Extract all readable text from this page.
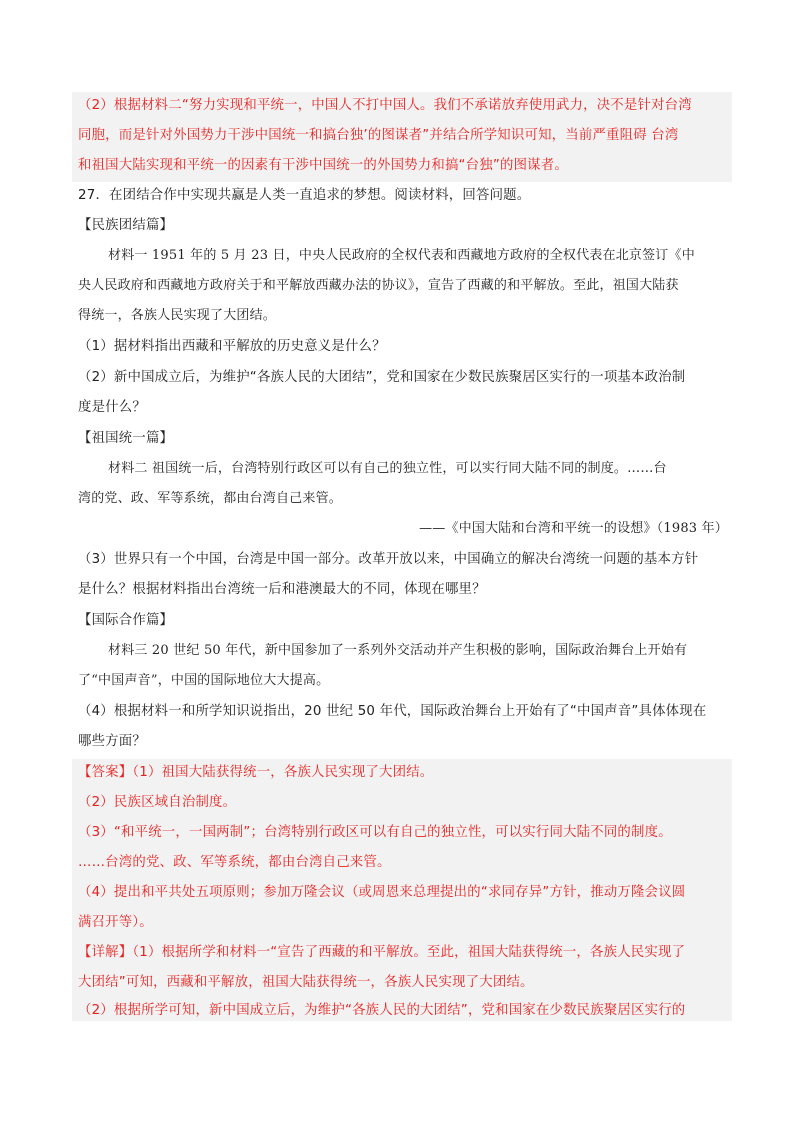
（2）根据材料二“努力实现和平统一，中国人不打中国人。我们不承诺放弃使用武力，决不是针对台湾
同胞，而是针对外国势力干涉中国统一和搞台独’的图谋者”并结合所学知识可知，当前严重阻碍 台湾
和祖国大陆实现和平统一的因素有干涉中国统一的外国势力和搞“台独”的图谋者。
27．在团结合作中实现共赢是人类一直追求的梦想。阅读材料，回答问题。
【民族团结篇】
材料一 1951 年的 5 月 23 日，中央人民政府的全权代表和西藏地方政府的全权代表在北京签订《中
央人民政府和西藏地方政府关于和平解放西藏办法的协议》，宣告了西藏的和平解放。至此，祖国大陆获
得统一，各族人民实现了大团结。
（1）据材料指出西藏和平解放的历史意义是什么？
（2）新中国成立后，为维护“各族人民的大团结”，党和国家在少数民族聚居区实行的一项基本政治制
度是什么？
【祖国统一篇】
材料二 祖国统一后，台湾特别行政区可以有自己的独立性，可以实行同大陆不同的制度。……台
湾的党、政、军等系统，都由台湾自己来管。
——《中国大陆和台湾和平统一的设想》（1983 年）
（3）世界只有一个中国，台湾是中国一部分。改革开放以来，中国确立的解决台湾统一问题的基本方针
是什么？根据材料指出台湾统一后和港澳最大的不同，体现在哪里？
【国际合作篇】
材料三 20 世纪 50 年代，新中国参加了一系列外交活动并产生积极的影响，国际政治舞台上开始有
了“中国声音”，中国的国际地位大大提高。
（4）根据材料一和所学知识说指出，20 世纪 50 年代，国际政治舞台上开始有了“中国声音”具体体现在
哪些方面？
【答案】（1）祖国大陆获得统一，各族人民实现了大团结。
（2）民族区域自治制度。
（3）“和平统一，一国两制”；台湾特别行政区可以有自己的独立性，可以实行同大陆不同的制度。
……台湾的党、政、军等系统，都由台湾自己来管。
（4）提出和平共处五项原则；参加万隆会议（或周恩来总理提出的“求同存异”方针，推动万隆会议圆
满召开等）。
【详解】（1）根据所学和材料一“宣告了西藏的和平解放。至此，祖国大陆获得统一，各族人民实现了
大团结”可知，西藏和平解放，祖国大陆获得统一，各族人民实现了大团结。
（2）根据所学可知，新中国成立后，为维护“各族人民的大团结”，党和国家在少数民族聚居区实行的
